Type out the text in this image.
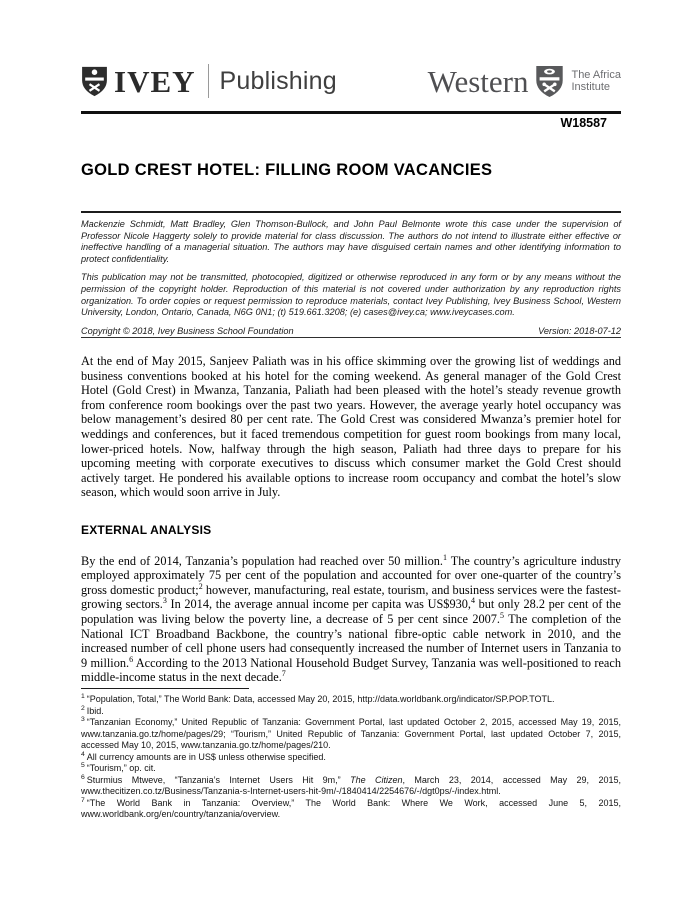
IVEY Publishing	Western	The Africa
Institute
W18587
GOLD CREST HOTEL: FILLING ROOM VACANCIES

Mackenzie Schmidt, Matt Bradley, Glen Thomson-Bullock, and John Paul Belmonte wrote this case under the supervision of Professor Nicole Haggerty solely to provide material for class discussion. The authors do not intend to illustrate either effective or ineffective handling of a managerial situation. The authors may have disguised certain names and other identifying information to protect confidentiality.

This publication may not be transmitted, photocopied, digitized or otherwise reproduced in any form or by any means without the permission of the copyright holder. Reproduction of this material is not covered under authorization by any reproduction rights organization. To order copies or request permission to reproduce materials, contact Ivey Publishing, Ivey Business School, Western University, London, Ontario, Canada, N6G 0N1; (t) 519.661.3208; (e) cases@ivey.ca; www.iveycases.com.

Copyright © 2018, Ivey Business School Foundation	Version: 2018-07-12

At the end of May 2015, Sanjeev Paliath was in his office skimming over the growing list of weddings and business conventions booked at his hotel for the coming weekend. As general manager of the Gold Crest Hotel (Gold Crest) in Mwanza, Tanzania, Paliath had been pleased with the hotel’s steady revenue growth from conference room bookings over the past two years. However, the average yearly hotel occupancy was below management’s desired 80 per cent rate. The Gold Crest was considered Mwanza’s premier hotel for weddings and conferences, but it faced tremendous competition for guest room bookings from many local, lower-priced hotels. Now, halfway through the high season, Paliath had three days to prepare for his upcoming meeting with corporate executives to discuss which consumer market the Gold Crest should actively target. He pondered his available options to increase room occupancy and combat the hotel’s slow season, which would soon arrive in July.

EXTERNAL ANALYSIS

By the end of 2014, Tanzania’s population had reached over 50 million.$^1$ The country’s agriculture industry employed approximately 75 per cent of the population and accounted for over one-quarter of the country’s gross domestic product;$^2$ however, manufacturing, real estate, tourism, and business services were the fastest-growing sectors.$^3$ In 2014, the average annual income per capita was US$930,$^4$ but only 28.2 per cent of the population was living below the poverty line, a decrease of 5 per cent since 2007.$^5$ The completion of the National ICT Broadband Backbone, the country’s national fibre-optic cable network in 2010, and the increased number of cell phone users had consequently increased the number of Internet users in Tanzania to 9 million.$^6$ According to the 2013 National Household Budget Survey, Tanzania was well-positioned to reach middle-income status in the next decade.$^7$

$^1$ “Population, Total,” The World Bank: Data, accessed May 20, 2015, http://data.worldbank.org/indicator/SP.POP.TOTL.

$^2$ Ibid.

$^3$ “Tanzanian Economy,” United Republic of Tanzania: Government Portal, last updated October 2, 2015, accessed May 19, 2015, www.tanzania.go.tz/home/pages/29; “Tourism,” United Republic of Tanzania: Government Portal, last updated October 7, 2015, accessed May 10, 2015, www.tanzania.go.tz/home/pages/210.

$^4$ All currency amounts are in US$ unless otherwise specified.

$^5$ “Tourism,” op. cit.

$^6$ Sturmius Mtweve, “Tanzania’s Internet Users Hit 9m,” The Citizen, March 23, 2014, accessed May 29, 2015, www.thecitizen.co.tz/Business/Tanzania-s-Internet-users-hit-9m/-/1840414/2254676/-/dgt0ps/-/index.html.

$^7$ “The World Bank in Tanzania: Overview,” The World Bank: Where We Work, accessed June 5, 2015, www.worldbank.org/en/country/tanzania/overview.
